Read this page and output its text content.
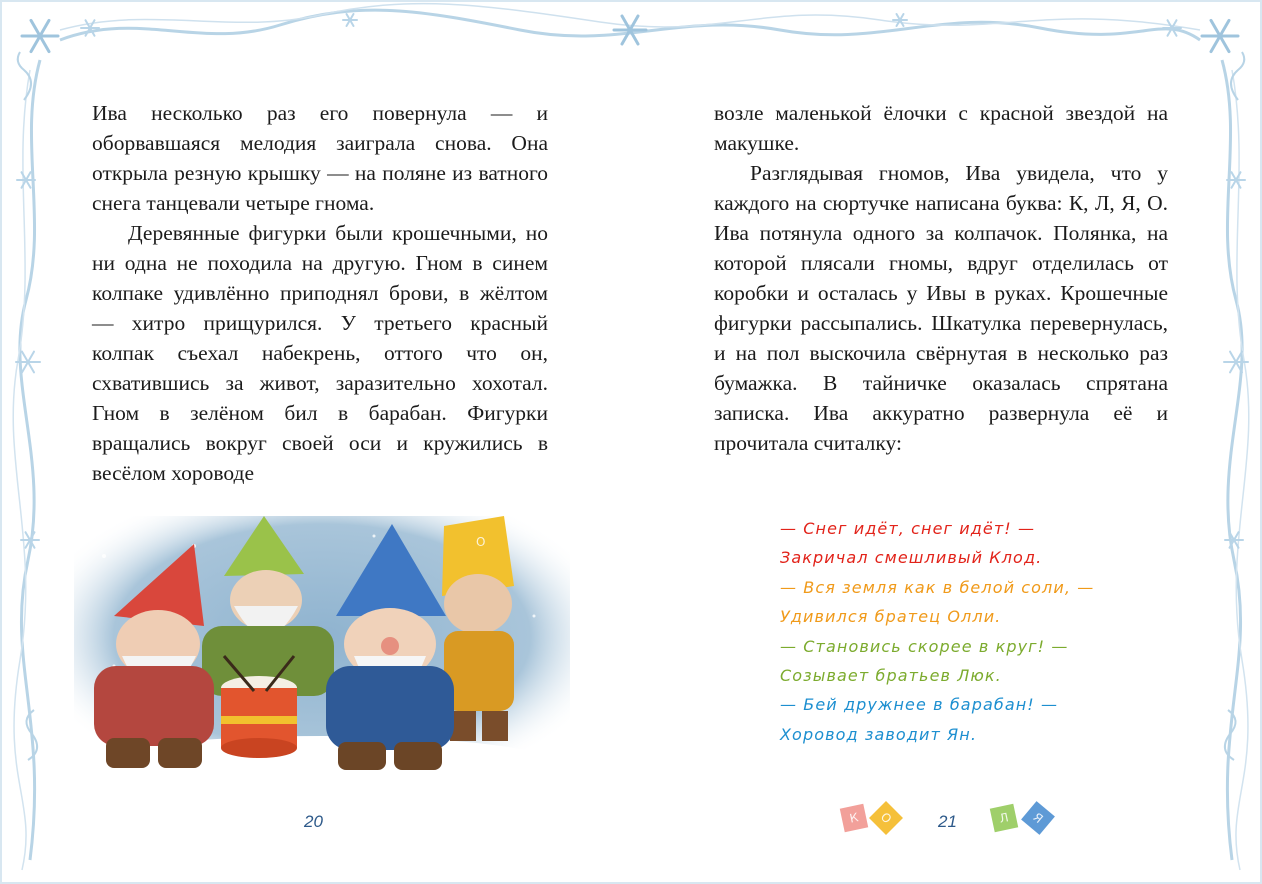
Ива несколько раз его повернула — и оборвавшаяся мелодия заиграла снова. Она открыла резную крышку — на поляне из ватного снега танцевали четыре гнома.

Деревянные фигурки были крошечными, но ни одна не походила на другую. Гном в синем колпаке удивлённо приподнял брови, в жёлтом — хитро прищурился. У третьего красный колпак съехал набекрень, оттого что он, схватившись за живот, заразительно хохотал. Гном в зелёном бил в барабан. Фигурки вращались вокруг своей оси и кружились в весёлом хороводе

О
20

возле маленькой ёлочки с красной звездой на макушке.

Разглядывая гномов, Ива увидела, что у каждого на сюртучке написана буква: К, Л, Я, О. Ива потянула одного за колпачок. Полянка, на которой плясали гномы, вдруг отделилась от коробки и осталась у Ивы в руках. Крошечные фигурки рассыпались. Шкатулка перевернулась, и на пол выскочила свёрнутая в несколько раз бумажка. В тайничке оказалась спрятана записка. Ива аккуратно развернула её и прочитала считалку:

— Снег идёт, снег идёт! —
Закричал смешливый Клод.
— Вся земля как в белой соли, —
Удивился братец Олли.
— Становись скорее в круг! —
Созывает братьев Люк.
— Бей дружнее в барабан! —
Хоровод заводит Ян.
К	О	21	Л	Я
